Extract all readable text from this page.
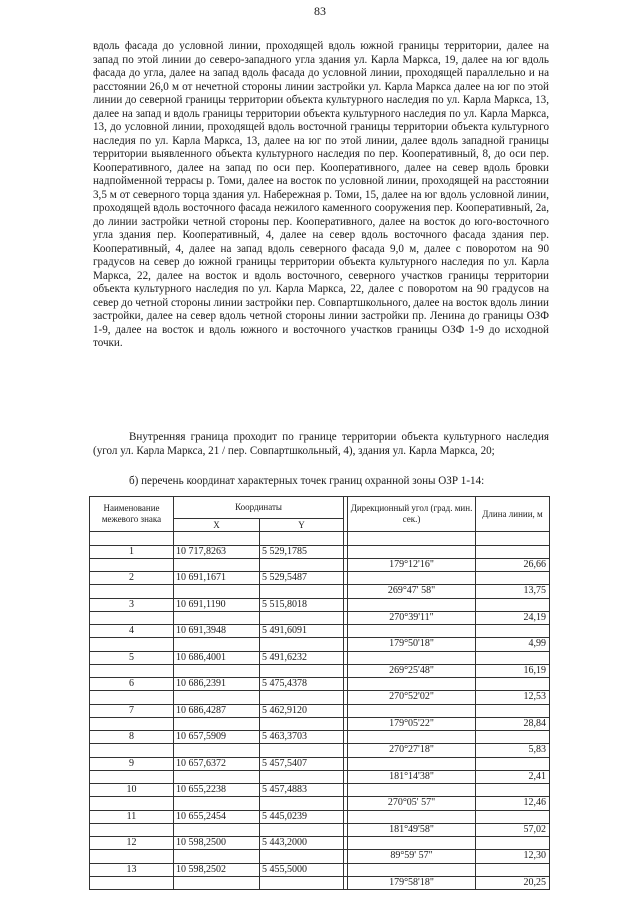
83

вдоль фасада до условной линии, проходящей вдоль южной границы территории, далее на запад по этой линии до северо-западного угла здания ул. Карла Маркса, 19, далее на юг вдоль фасада до угла, далее на запад вдоль фасада до условной линии, проходящей параллельно и на расстоянии 26,0 м от нечетной стороны линии застройки ул. Карла Маркса далее на юг по этой линии до северной границы территории объекта культурного наследия по ул. Карла Маркса, 13, далее на запад и вдоль границы территории объекта культурного наследия по ул. Карла Маркса, 13, до условной линии, проходящей вдоль восточной границы территории объекта культурного наследия по ул. Карла Маркса, 13, далее на юг по этой линии, далее вдоль западной границы территории выявленного объекта культурного наследия по пер. Кооперативный, 8, до оси пер. Кооперативного, далее на запад по оси пер. Кооперативного, далее на север вдоль бровки надпойменной террасы р. Томи, далее на восток по условной линии, проходящей на расстоянии 3,5 м от северного торца здания ул. Набережная р. Томи, 15, далее на юг вдоль условной линии, проходящей вдоль восточного фасада нежилого каменного сооружения пер. Кооперативный, 2а, до линии застройки четной стороны пер. Кооперативного, далее на восток до юго-восточного угла здания пер. Кооперативный, 4, далее на север вдоль восточного фасада здания пер. Кооперативный, 4, далее на запад вдоль северного фасада 9,0 м, далее с поворотом на 90 градусов на север до южной границы территории объекта культурного наследия по ул. Карла Маркса, 22, далее на восток и вдоль восточного, северного участков границы территории объекта культурного наследия по ул. Карла Маркса, 22, далее с поворотом на 90 градусов на север до четной стороны линии застройки пер. Совпартшкольного, далее на восток вдоль линии застройки, далее на север вдоль четной стороны линии застройки пр. Ленина до границы ОЗФ 1-9, далее на восток и вдоль южного и восточного участков границы ОЗФ 1-9 до исходной точки.

Внутренняя граница проходит по границе территории объекта культурного наследия (угол ул. Карла Маркса, 21 / пер. Совпартшкольный, 4), здания ул. Карла Маркса, 20;

б) перечень координат характерных точек границ охранной зоны ОЗР 1-14:

Наименование межевого знака	Координаты			Дирекционный угол (град. мин. сек.)	Длина линии, м
	X	Y			

1	10 717,8263	5 529,1785			
				179°12'16"	26,66
2	10 691,1671	5 529,5487			
				269°47' 58"	13,75
3	10 691,1190	5 515,8018			
				270°39'11"	24,19
4	10 691,3948	5 491,6091			
				179°50'18"	4,99
5	10 686,4001	5 491,6232			
				269°25'48"	16,19
6	10 686,2391	5 475,4378			
				270°52'02"	12,53
7	10 686,4287	5 462,9120			
				179°05'22"	28,84
8	10 657,5909	5 463,3703			
				270°27'18"	5,83
9	10 657,6372	5 457,5407			
				181°14'38"	2,41
10	10 655,2238	5 457,4883			
				270°05' 57"	12,46
11	10 655,2454	5 445,0239			
				181°49'58"	57,02
12	10 598,2500	5 443,2000			
				89°59' 57"	12,30
13	10 598,2502	5 455,5000			
				179°58'18"	20,25
